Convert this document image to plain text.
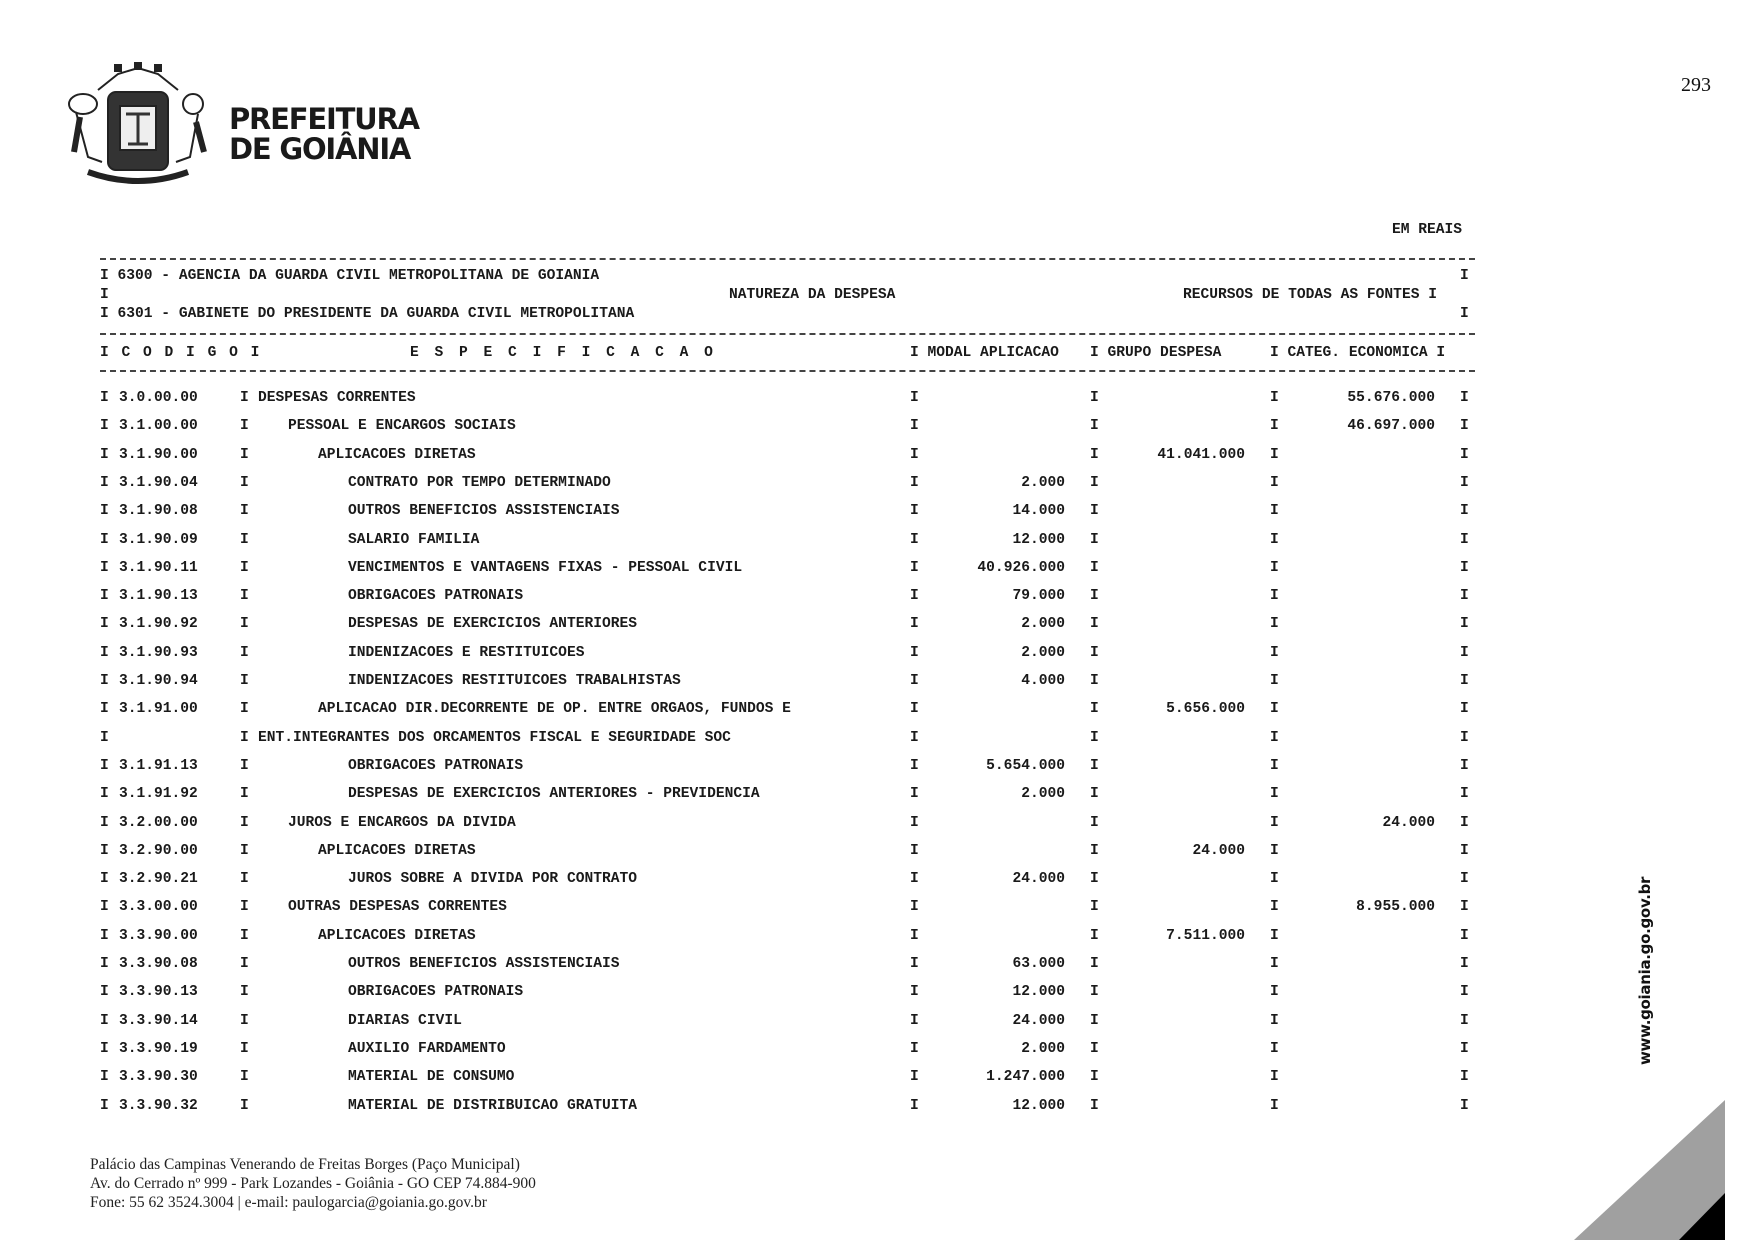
PREFEITURA
DE GOIÂNIA
293
EM REAIS
I 6300 - AGENCIA DA GUARDA CIVIL METROPOLITANA DE GOIANIA	I
I	NATUREZA DA DESPESA	RECURSOS DE TODAS AS FONTES I
I 6301 - GABINETE DO PRESIDENTE DA GUARDA CIVIL METROPOLITANA	I
I C O D I G O I	E S P E C I F I C A C A O	I MODAL APLICACAO I GRUPO DESPESA	I CATEG. ECONOMICA I
I 3.0.00.00	I DESPESAS CORRENTES	I	I	I	55.676.000 I
I 3.1.00.00	I	PESSOAL E ENCARGOS SOCIAIS	I	I	I	46.697.000 I
I 3.1.90.00	I	APLICACOES DIRETAS	I	I	41.041.000 I	I
I 3.1.90.04	I	CONTRATO POR TEMPO DETERMINADO	I	2.000 I	I	I
I 3.1.90.08	I	OUTROS BENEFICIOS ASSISTENCIAIS	I	14.000 I	I	I
I 3.1.90.09	I	SALARIO FAMILIA	I	12.000 I	I	I
I 3.1.90.11	I	VENCIMENTOS E VANTAGENS FIXAS - PESSOAL CIVIL	I	40.926.000 I	I	I
I 3.1.90.13	I	OBRIGACOES PATRONAIS	I	79.000 I	I	I
I 3.1.90.92	I	DESPESAS DE EXERCICIOS ANTERIORES	I	2.000 I	I	I
I 3.1.90.93	I	INDENIZACOES E RESTITUICOES	I	2.000 I	I	I
I 3.1.90.94	I	INDENIZACOES RESTITUICOES TRABALHISTAS	I	4.000 I	I	I
I 3.1.91.00	I	APLICACAO DIR.DECORRENTE DE OP. ENTRE ORGAOS, FUNDOS E	I	I	5.656.000 I	I
I	I ENT.INTEGRANTES DOS ORCAMENTOS FISCAL E SEGURIDADE SOC	I	I	I	I
I 3.1.91.13	I	OBRIGACOES PATRONAIS	I	5.654.000 I	I	I
I 3.1.91.92	I	DESPESAS DE EXERCICIOS ANTERIORES - PREVIDENCIA	I	2.000 I	I	I
I 3.2.00.00	I	JUROS E ENCARGOS DA DIVIDA	I	I	I	24.000 I
I 3.2.90.00	I	APLICACOES DIRETAS	I	I	24.000 I	I
I 3.2.90.21	I	JUROS SOBRE A DIVIDA POR CONTRATO	I	24.000 I	I	I
I 3.3.00.00	I	OUTRAS DESPESAS CORRENTES	I	I	I	8.955.000 I
I 3.3.90.00	I	APLICACOES DIRETAS	I	I	7.511.000 I	I
I 3.3.90.08	I	OUTROS BENEFICIOS ASSISTENCIAIS	I	63.000 I	I	I
I 3.3.90.13	I	OBRIGACOES PATRONAIS	I	12.000 I	I	I
I 3.3.90.14	I	DIARIAS CIVIL	I	24.000 I	I	I
I 3.3.90.19	I	AUXILIO FARDAMENTO	I	2.000 I	I	I
I 3.3.90.30	I	MATERIAL DE CONSUMO	I	1.247.000 I	I	I
I 3.3.90.32	I	MATERIAL DE DISTRIBUICAO GRATUITA	I	12.000 I	I	I
Palácio das Campinas Venerando de Freitas Borges (Paço Municipal)
Av. do Cerrado nº 999 - Park Lozandes - Goiânia - GO CEP 74.884-900
Fone: 55 62 3524.3004 | e-mail: paulogarcia@goiania.go.gov.br
www.goiania.go.gov.br
